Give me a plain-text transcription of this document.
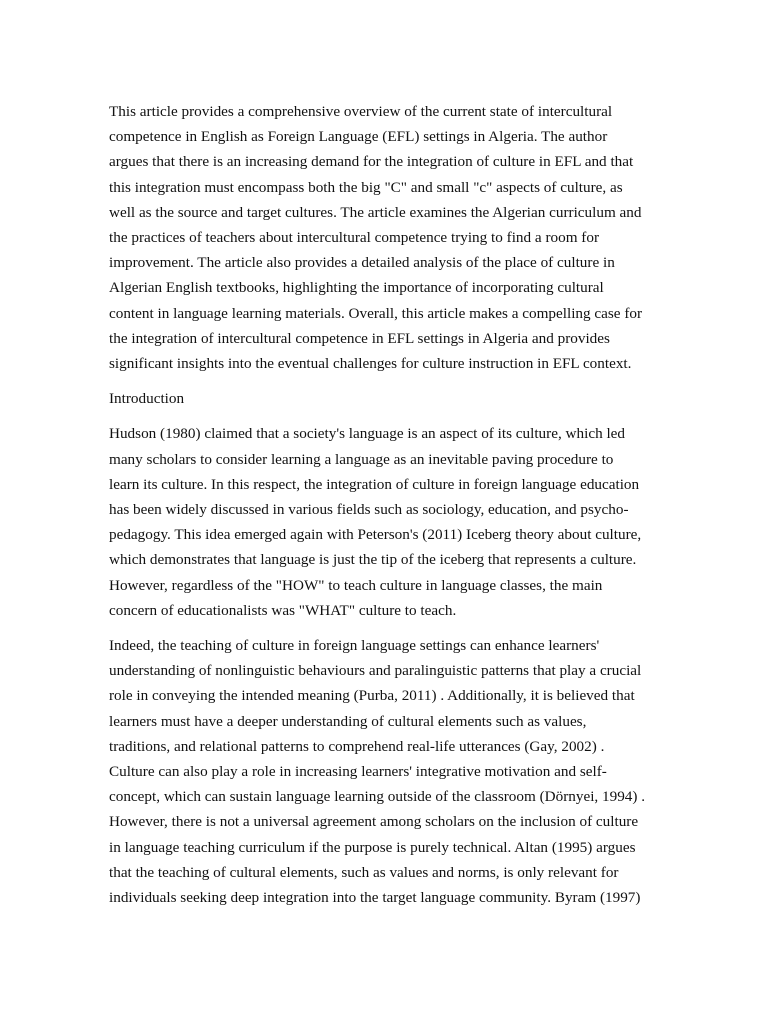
This article provides a comprehensive overview of the current state of intercultural
competence in English as Foreign Language (EFL) settings in Algeria. The author
argues that there is an increasing demand for the integration of culture in EFL and that
this integration must encompass both the big "C" and small "c" aspects of culture, as
well as the source and target cultures. The article examines the Algerian curriculum and
the practices of teachers about intercultural competence trying to find a room for
improvement. The article also provides a detailed analysis of the place of culture in
Algerian English textbooks, highlighting the importance of incorporating cultural
content in language learning materials. Overall, this article makes a compelling case for
the integration of intercultural competence in EFL settings in Algeria and provides
significant insights into the eventual challenges for culture instruction in EFL context.

Introduction

Hudson (1980) claimed that a society's language is an aspect of its culture, which led
many scholars to consider learning a language as an inevitable paving procedure to
learn its culture. In this respect, the integration of culture in foreign language education
has been widely discussed in various fields such as sociology, education, and psycho-
pedagogy. This idea emerged again with Peterson's (2011) Iceberg theory about culture,
which demonstrates that language is just the tip of the iceberg that represents a culture.
However, regardless of the "HOW" to teach culture in language classes, the main
concern of educationalists was "WHAT" culture to teach.

Indeed, the teaching of culture in foreign language settings can enhance learners'
understanding of nonlinguistic behaviours and paralinguistic patterns that play a crucial
role in conveying the intended meaning (Purba, 2011) . Additionally, it is believed that
learners must have a deeper understanding of cultural elements such as values,
traditions, and relational patterns to comprehend real-life utterances (Gay, 2002) .
Culture can also play a role in increasing learners' integrative motivation and self-
concept, which can sustain language learning outside of the classroom (Dörnyei, 1994) .
However, there is not a universal agreement among scholars on the inclusion of culture
in language teaching curriculum if the purpose is purely technical. Altan (1995) argues
that the teaching of cultural elements, such as values and norms, is only relevant for
individuals seeking deep integration into the target language community. Byram (1997)
